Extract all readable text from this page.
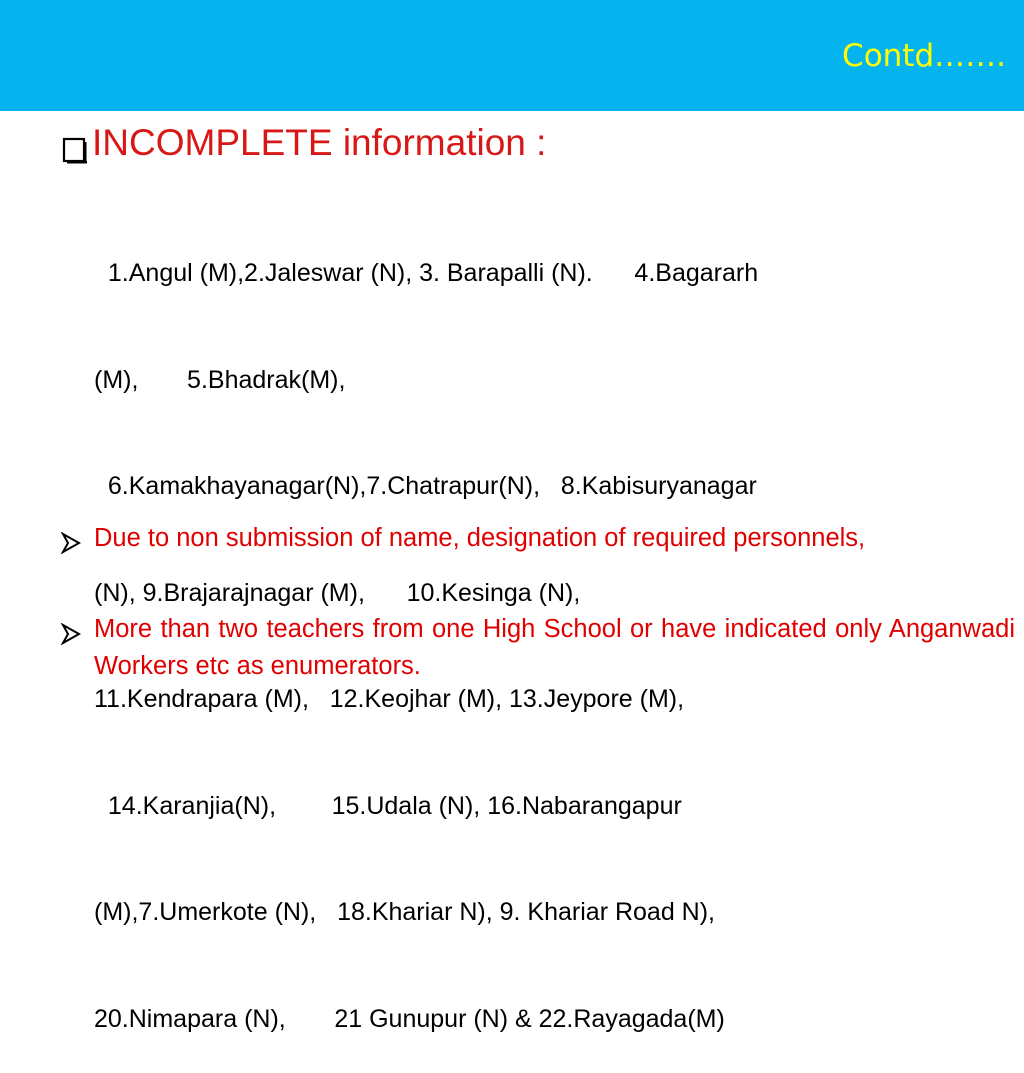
Contd…….
INCOMPLETE information :

1.Angul (M),2.Jaleswar (N), 3. Barapalli (N).      4.Bagararh

(M),       5.Bhadrak(M),

6.Kamakhayanagar(N),7.Chatrapur(N),   8.Kabisuryanagar

(N), 9.Brajarajnagar (M),      10.Kesinga (N),

11.Kendrapara (M),   12.Keojhar (M), 13.Jeypore (M),

14.Karanjia(N),        15.Udala (N), 16.Nabarangapur

(M),7.Umerkote (N),   18.Khariar N), 9. Khariar Road N),

20.Nimapara (N),       21 Gunupur (N) & 22.Rayagada(M)

Due to non submission of name, designation of required personnels,
More than two teachers from one High School or have indicated only Anganwadi Workers etc as enumerators.
